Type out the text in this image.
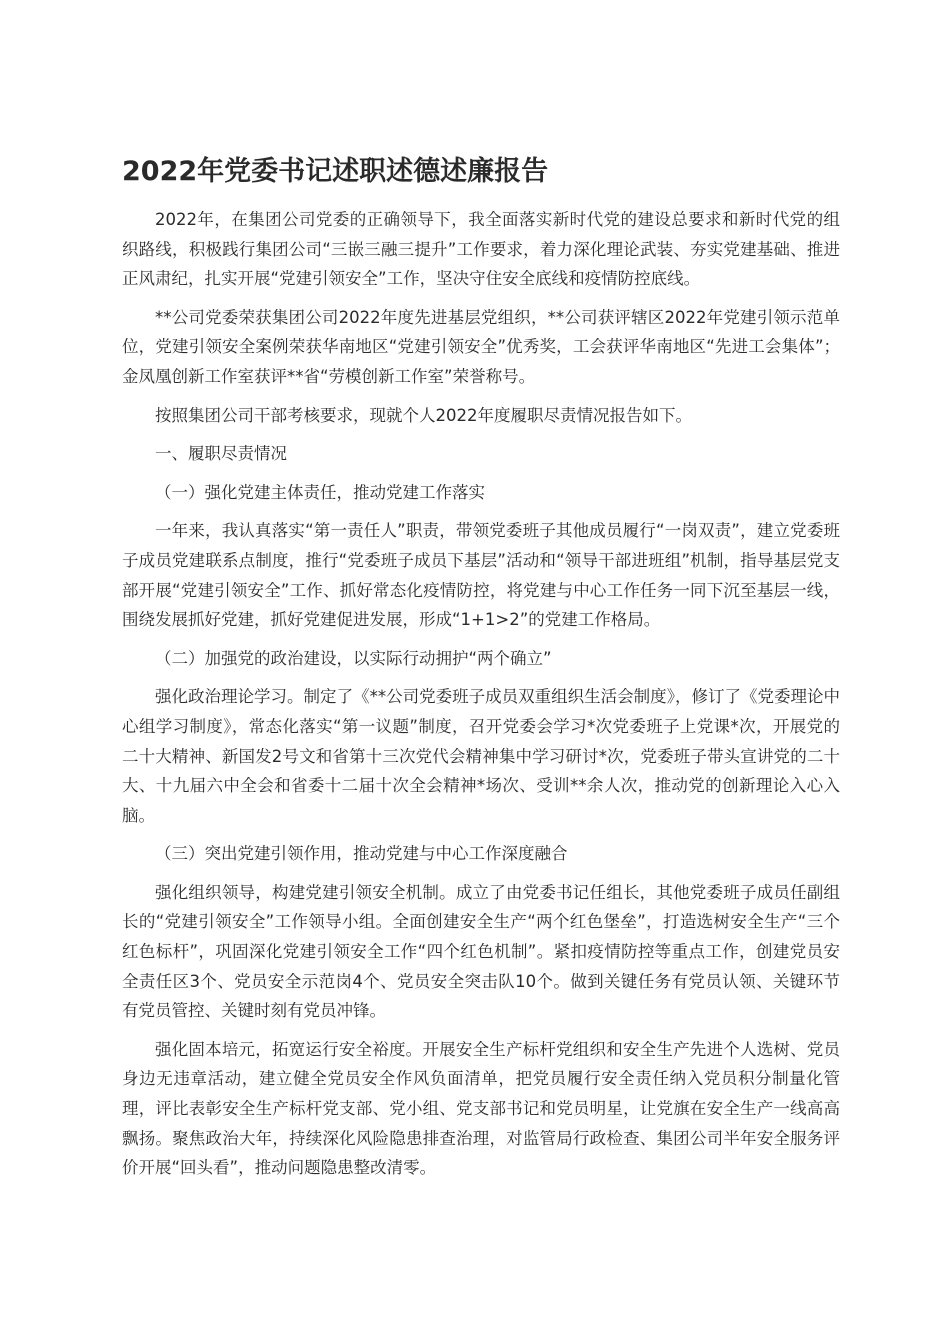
2022年党委书记述职述德述廉报告

2022年，在集团公司党委的正确领导下，我全面落实新时代党的建设总要求和新时代党的组织路线，积极践行集团公司“三嵌三融三提升”工作要求，着力深化理论武装、夯实党建基础、推进正风肃纪，扎实开展“党建引领安全”工作，坚决守住安全底线和疫情防控底线。

**公司党委荣获集团公司2022年度先进基层党组织，**公司获评辖区2022年党建引领示范单位，党建引领安全案例荣获华南地区“党建引领安全”优秀奖，工会获评华南地区“先进工会集体”；金凤凰创新工作室获评**省“劳模创新工作室”荣誉称号。

按照集团公司干部考核要求，现就个人2022年度履职尽责情况报告如下。

一、履职尽责情况

（一）强化党建主体责任，推动党建工作落实

一年来，我认真落实“第一责任人”职责，带领党委班子其他成员履行“一岗双责”，建立党委班子成员党建联系点制度，推行“党委班子成员下基层”活动和“领导干部进班组”机制，指导基层党支部开展“党建引领安全”工作、抓好常态化疫情防控，将党建与中心工作任务一同下沉至基层一线，围绕发展抓好党建，抓好党建促进发展，形成“1+1>2”的党建工作格局。

（二）加强党的政治建设，以实际行动拥护“两个确立”

强化政治理论学习。制定了《**公司党委班子成员双重组织生活会制度》，修订了《党委理论中心组学习制度》，常态化落实“第一议题”制度，召开党委会学习*次党委班子上党课*次，开展党的二十大精神、新国发2号文和省第十三次党代会精神集中学习研讨*次，党委班子带头宣讲党的二十大、十九届六中全会和省委十二届十次全会精神*场次、受训**余人次，推动党的创新理论入心入脑。

（三）突出党建引领作用，推动党建与中心工作深度融合

强化组织领导，构建党建引领安全机制。成立了由党委书记任组长，其他党委班子成员任副组长的“党建引领安全”工作领导小组。全面创建安全生产“两个红色堡垒”，打造选树安全生产“三个红色标杆”，巩固深化党建引领安全工作“四个红色机制”。紧扣疫情防控等重点工作，创建党员安全责任区3个、党员安全示范岗4个、党员安全突击队10个。做到关键任务有党员认领、关键环节有党员管控、关键时刻有党员冲锋。

强化固本培元，拓宽运行安全裕度。开展安全生产标杆党组织和安全生产先进个人选树、党员身边无违章活动，建立健全党员安全作风负面清单，把党员履行安全责任纳入党员积分制量化管理，评比表彰安全生产标杆党支部、党小组、党支部书记和党员明星，让党旗在安全生产一线高高飘扬。聚焦政治大年，持续深化风险隐患排查治理，对监管局行政检查、集团公司半年安全服务评价开展“回头看”，推动问题隐患整改清零。
